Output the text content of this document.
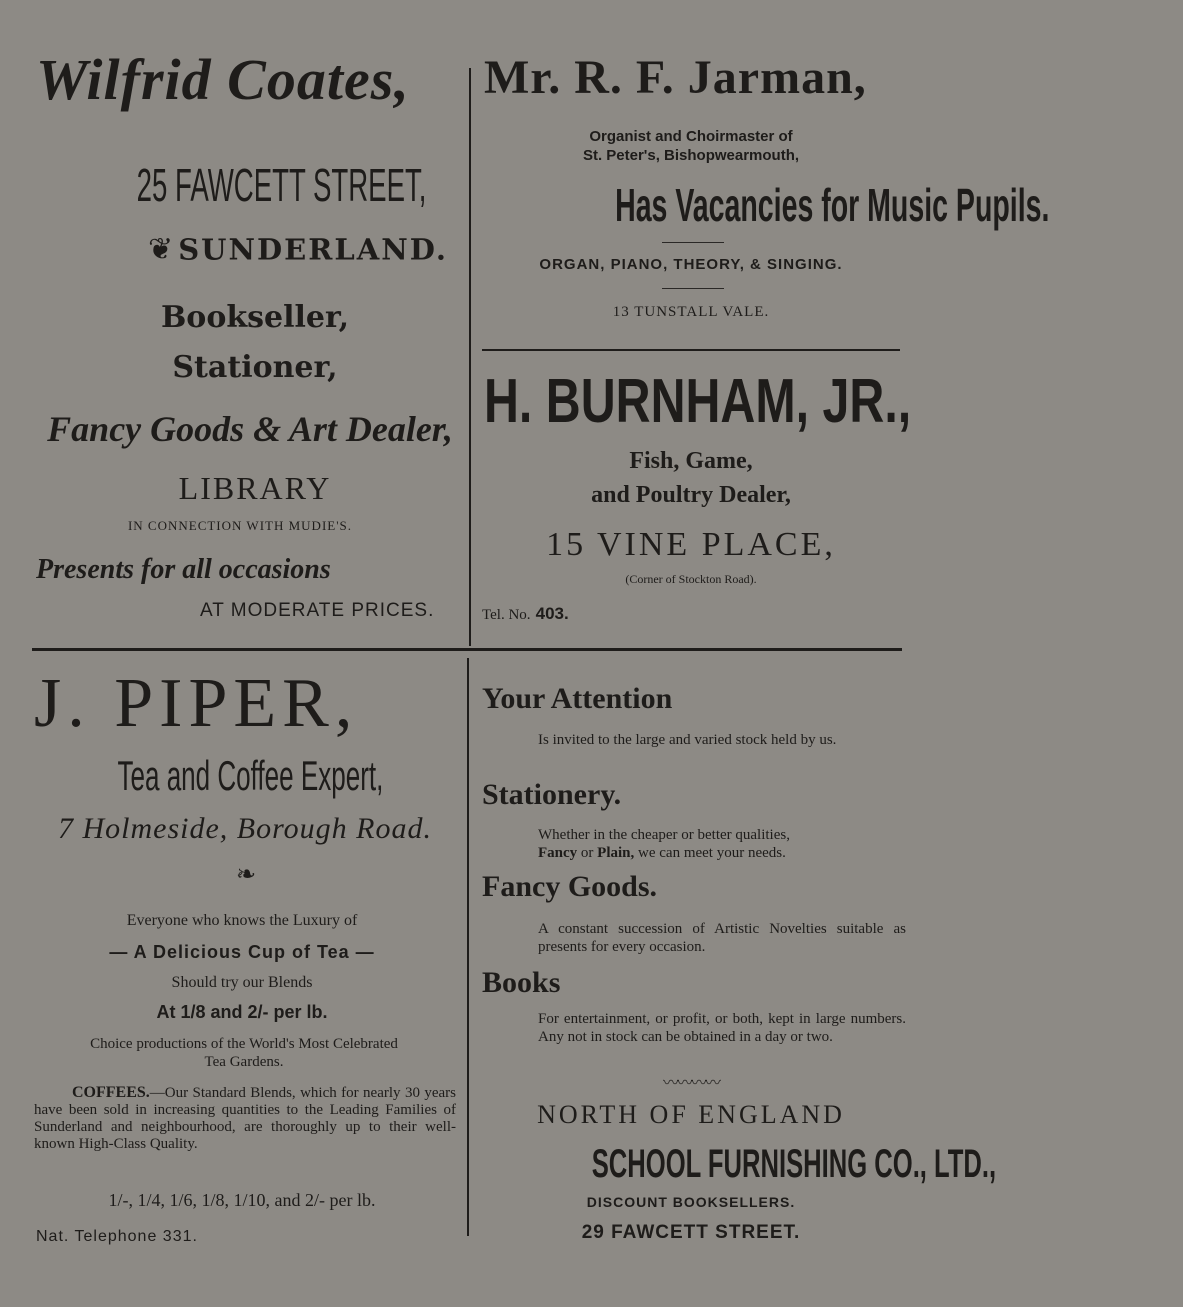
Wilfrid Coates,
25 FAWCETT STREET,
❦ SUNDERLAND.
Bookseller,
Stationer,
Fancy Goods & Art Dealer,
LIBRARY
IN CONNECTION WITH MUDIE'S.
Presents for all occasions
AT MODERATE PRICES.
Mr. R. F. Jarman,
Organist and Choirmaster of
St. Peter's, Bishopwearmouth,
Has Vacancies for Music Pupils.
ORGAN, PIANO, THEORY, & SINGING.
13 TUNSTALL VALE.
H. BURNHAM, JR.,
Fish, Game,
and Poultry Dealer,
15 VINE PLACE,
(Corner of Stockton Road).
Tel. No. 403.
J. PIPER,
Tea and Coffee Expert,
7 Holmeside, Borough Road.
❧
Everyone who knows the Luxury of
— A Delicious Cup of Tea —
Should try our Blends
At 1/8 and 2/- per lb.
Choice productions of the World's Most Celebrated
Tea Gardens.
COFFEES.—Our Standard Blends, which for nearly 30 years have been sold in increasing quantities to the Leading Families of Sunderland and neighbourhood, are thoroughly up to their well-known High-Class Quality.
1/-, 1/4, 1/6, 1/8, 1/10, and 2/- per lb.
Nat. Telephone 331.
Your Attention
Is invited to the large and varied stock held by us.
Stationery.
Whether in the cheaper or better qualities,
Fancy or Plain, we can meet your needs.
Fancy Goods.
A constant succession of Artistic Novelties suitable as presents for every occasion.
Books
For entertainment, or profit, or both, kept in large numbers. Any not in stock can be obtained in a day or two.
〰〰〰〰
NORTH OF ENGLAND
SCHOOL FURNISHING CO., LTD.,
DISCOUNT BOOKSELLERS.
29 FAWCETT STREET.
